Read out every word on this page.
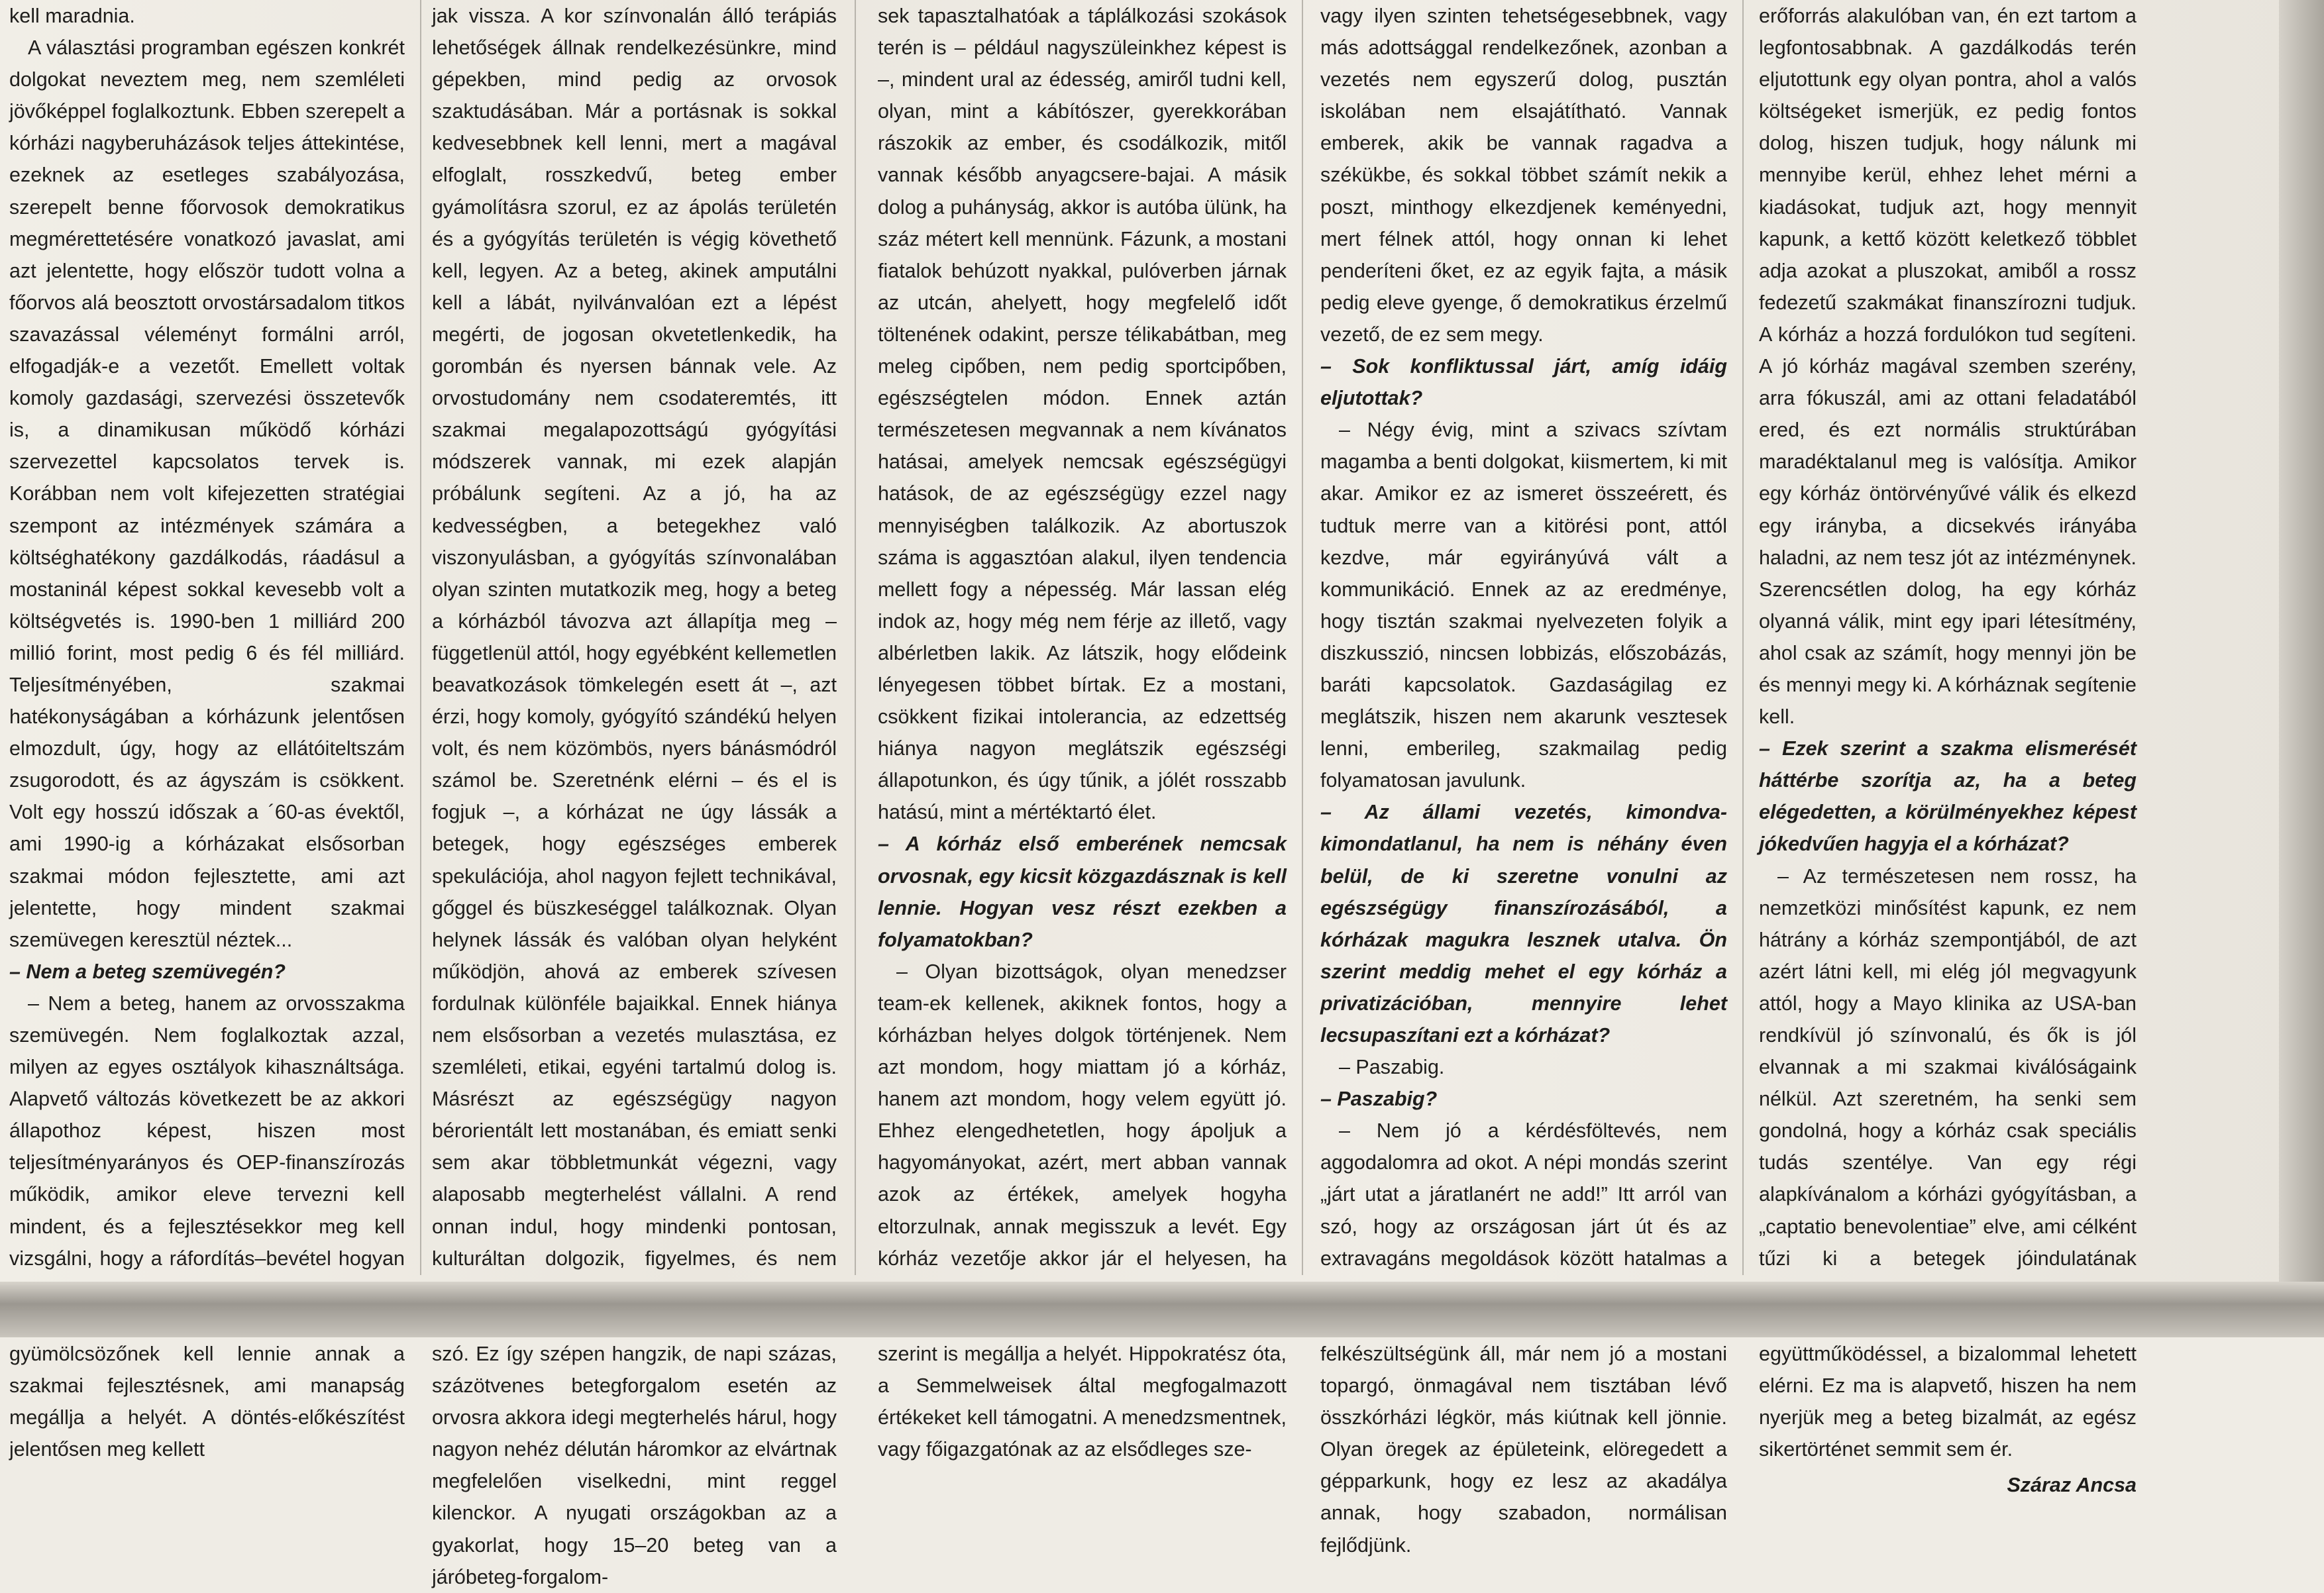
kell maradnia.

A választási programban egészen konkrét dolgokat neveztem meg, nem szemléleti jövőképpel foglalkoztunk. Ebben szerepelt a kórházi nagyberuházások teljes áttekintése, ezeknek az esetleges szabályozása, szerepelt benne főorvosok demokratikus megmérettetésére vonatkozó javaslat, ami azt jelentette, hogy először tudott volna a főorvos alá beosztott orvostársadalom titkos szavazással véleményt formálni arról, elfogadják-e a vezetőt. Emellett voltak komoly gazdasági, szervezési összetevők is, a dinamikusan működő kórházi szervezettel kapcsolatos tervek is. Korábban nem volt kifejezetten stratégiai szempont az intézmények számára a költséghatékony gazdálkodás, ráadásul a mostaninál képest sokkal kevesebb volt a költségvetés is. 1990-ben 1 milliárd 200 millió forint, most pedig 6 és fél milliárd. Teljesítményében, szakmai hatékonyságában a kórházunk jelentősen elmozdult, úgy, hogy az ellátóiteltszám zsugorodott, és az ágyszám is csökkent. Volt egy hosszú időszak a ´60-as évektől, ami 1990-ig a kórházakat elsősorban szakmai módon fejlesztette, ami azt jelentette, hogy mindent szakmai szemüvegen keresztül néztek...

– Nem a beteg szemüvegén?

– Nem a beteg, hanem az orvosszakma szemüvegén. Nem foglalkoztak azzal, milyen az egyes osztályok kihasználtsága. Alapvető változás következett be az akkori állapothoz képest, hiszen most teljesítményarányos és OEP-finanszírozás működik, amikor eleve tervezni kell mindent, és a fejlesztésekkor meg kell vizsgálni, hogy a ráfordítás–bevétel hogyan gyümölcsözőnek kell lennie annak a szakmai fejlesztésnek, ami manapság megállja a helyét. A döntés-előkészítést jelentősen meg kellett

jak vissza. A kor színvonalán álló terápiás lehetőségek állnak rendelkezésünkre, mind gépekben, mind pedig az orvosok szaktudásában. Már a portásnak is sokkal kedvesebbnek kell lenni, mert a magával elfoglalt, rosszkedvű, beteg ember gyámolításra szorul, ez az ápolás területén és a gyógyítás területén is végig követhető kell, legyen. Az a beteg, akinek amputálni kell a lábát, nyilvánvalóan ezt a lépést megérti, de jogosan okvetetlenkedik, ha gorombán és nyersen bánnak vele. Az orvostudomány nem csodateremtés, itt szakmai megalapozottságú gyógyítási módszerek vannak, mi ezek alapján próbálunk segíteni. Az a jó, ha az kedvességben, a betegekhez való viszonyulásban, a gyógyítás színvonalában olyan szinten mutatkozik meg, hogy a beteg a kórházból távozva azt állapítja meg – függetlenül attól, hogy egyébként kellemetlen beavatkozások tömkelegén esett át –, azt érzi, hogy komoly, gyógyító szándékú helyen volt, és nem közömbös, nyers bánásmódról számol be. Szeretnénk elérni – és el is fogjuk –, a kórházat ne úgy lássák a betegek, hogy egészséges emberek spekulációja, ahol nagyon fejlett technikával, gőggel és büszkeséggel találkoznak. Olyan helynek lássák és valóban olyan helyként működjön, ahová az emberek szívesen fordulnak különféle bajaikkal. Ennek hiánya nem elsősorban a vezetés mulasztása, ez szemléleti, etikai, egyéni tartalmú dolog is. Másrészt az egészségügy nagyon bérorientált lett mostanában, és emiatt senki sem akar többletmunkát végezni, vagy alaposabb megterhelést vállalni. A rend onnan indul, hogy mindenki pontosan, kulturáltan dolgozik, figyelmes, és nem szó. Ez így szépen hangzik, de napi százas, százötvenes betegforgalom esetén az orvosra akkora idegi megterhelés hárul, hogy nagyon nehéz délután háromkor az elvártnak megfelelően viselkedni, mint reggel kilenckor. A nyugati országokban az a gyakorlat, hogy 15–20 beteg van a járóbeteg-forgalom-

sek tapasztalhatóak a táplálkozási szokások terén is – például nagyszüleinkhez képest is –, mindent ural az édesség, amiről tudni kell, olyan, mint a kábítószer, gyerekkorában rászokik az ember, és csodálkozik, mitől vannak később anyagcsere-bajai. A másik dolog a puhányság, akkor is autóba ülünk, ha száz métert kell mennünk. Fázunk, a mostani fiatalok behúzott nyakkal, pulóverben járnak az utcán, ahelyett, hogy megfelelő időt töltenének odakint, persze télikabátban, meg meleg cipőben, nem pedig sportcipőben, egészségtelen módon. Ennek aztán természetesen megvannak a nem kívánatos hatásai, amelyek nemcsak egészségügyi hatások, de az egészségügy ezzel nagy mennyiségben találkozik. Az abortuszok száma is aggasztóan alakul, ilyen tendencia mellett fogy a népesség. Már lassan elég indok az, hogy még nem férje az illető, vagy albérletben lakik. Az látszik, hogy elődeink lényegesen többet bírtak. Ez a mostani, csökkent fizikai intolerancia, az edzettség hiánya nagyon meglátszik egészségi állapotunkon, és úgy tűnik, a jólét rosszabb hatású, mint a mértéktartó élet.

– A kórház első emberének nemcsak orvosnak, egy kicsit közgazdásznak is kell lennie. Hogyan vesz részt ezekben a folyamatokban?

– Olyan bizottságok, olyan menedzser team-ek kellenek, akiknek fontos, hogy a kórházban helyes dolgok történjenek. Nem azt mondom, hogy miattam jó a kórház, hanem azt mondom, hogy velem együtt jó. Ehhez elengedhetetlen, hogy ápoljuk a hagyományokat, azért, mert abban vannak azok az értékek, amelyek hogyha eltorzulnak, annak megisszuk a levét. Egy kórház vezetője akkor jár el helyesen, ha szerint is megállja a helyét. Hippokratész óta, a Semmelweisek által megfogalmazott értékeket kell támogatni. A menedzsmentnek, vagy főigazgatónak az az elsődleges sze-

vagy ilyen szinten tehetségesebbnek, vagy más adottsággal rendelkezőnek, azonban a vezetés nem egyszerű dolog, pusztán iskolában nem elsajátítható. Vannak emberek, akik be vannak ragadva a székükbe, és sokkal többet számít nekik a poszt, minthogy elkezdjenek keményedni, mert félnek attól, hogy onnan ki lehet penderíteni őket, ez az egyik fajta, a másik pedig eleve gyenge, ő demokratikus érzelmű vezető, de ez sem megy.

– Sok konfliktussal járt, amíg idáig eljutottak?

– Négy évig, mint a szivacs szívtam magamba a benti dolgokat, kiismertem, ki mit akar. Amikor ez az ismeret összeérett, és tudtuk merre van a kitörési pont, attól kezdve, már egyirányúvá vált a kommunikáció. Ennek az az eredménye, hogy tisztán szakmai nyelvezeten folyik a diszkusszió, nincsen lobbizás, előszobázás, baráti kapcsolatok. Gazdaságilag ez meglátszik, hiszen nem akarunk vesztesek lenni, emberileg, szakmailag pedig folyamatosan javulunk.

– Az állami vezetés, kimondva-kimondatlanul, ha nem is néhány éven belül, de ki szeretne vonulni az egészségügy finanszírozásából, a kórházak magukra lesznek utalva. Ön szerint meddig mehet el egy kórház a privatizációban, mennyire lehet lecsupaszítani ezt a kórházat?

– Paszabig.

– Paszabig?

– Nem jó a kérdésföltevés, nem aggodalomra ad okot. A népi mondás szerint „járt utat a járatlanért ne add!” Itt arról van szó, hogy az országosan járt út és az extravagáns megoldások között hatalmas a felkészültségünk áll, már nem jó a mostani topargó, önmagával nem tisztában lévő összkórházi légkör, más kiútnak kell jönnie. Olyan öregek az épületeink, elöregedett a gépparkunk, hogy ez lesz az akadálya annak, hogy szabadon, normálisan fejlődjünk.

erőforrás alakulóban van, én ezt tartom a legfontosabbnak. A gazdálkodás terén eljutottunk egy olyan pontra, ahol a valós költségeket ismerjük, ez pedig fontos dolog, hiszen tudjuk, hogy nálunk mi mennyibe kerül, ehhez lehet mérni a kiadásokat, tudjuk azt, hogy mennyit kapunk, a kettő között keletkező többlet adja azokat a pluszokat, amiből a rossz fedezetű szakmákat finanszírozni tudjuk. A kórház a hozzá fordulókon tud segíteni. A jó kórház magával szemben szerény, arra fókuszál, ami az ottani feladatából ered, és ezt normális struktúrában maradéktalanul meg is valósítja. Amikor egy kórház öntörvényűvé válik és elkezd egy irányba, a dicsekvés irányába haladni, az nem tesz jót az intézménynek. Szerencsétlen dolog, ha egy kórház olyanná válik, mint egy ipari létesítmény, ahol csak az számít, hogy mennyi jön be és mennyi megy ki. A kórháznak segítenie kell.

– Ezek szerint a szakma elismerését háttérbe szorítja az, ha a beteg elégedetten, a körülményekhez képest jókedvűen hagyja el a kórházat?

– Az természetesen nem rossz, ha nemzetközi minősítést kapunk, ez nem hátrány a kórház szempontjából, de azt azért látni kell, mi elég jól megvagyunk attól, hogy a Mayo klinika az USA-ban rendkívül jó színvonalú, és ők is jól elvannak a mi szakmai kiválóságaink nélkül. Azt szeretném, ha senki sem gondolná, hogy a kórház csak speciális tudás szentélye. Van egy régi alapkívánalom a kórházi gyógyításban, a „captatio benevolentiae” elve, ami célként tűzi ki a betegek jóindulatának együttműködéssel, a bizalommal lehetett elérni. Ez ma is alapvető, hiszen ha nem nyerjük meg a beteg bizalmát, az egész sikertörténet semmit sem ér.

Száraz Ancsa
